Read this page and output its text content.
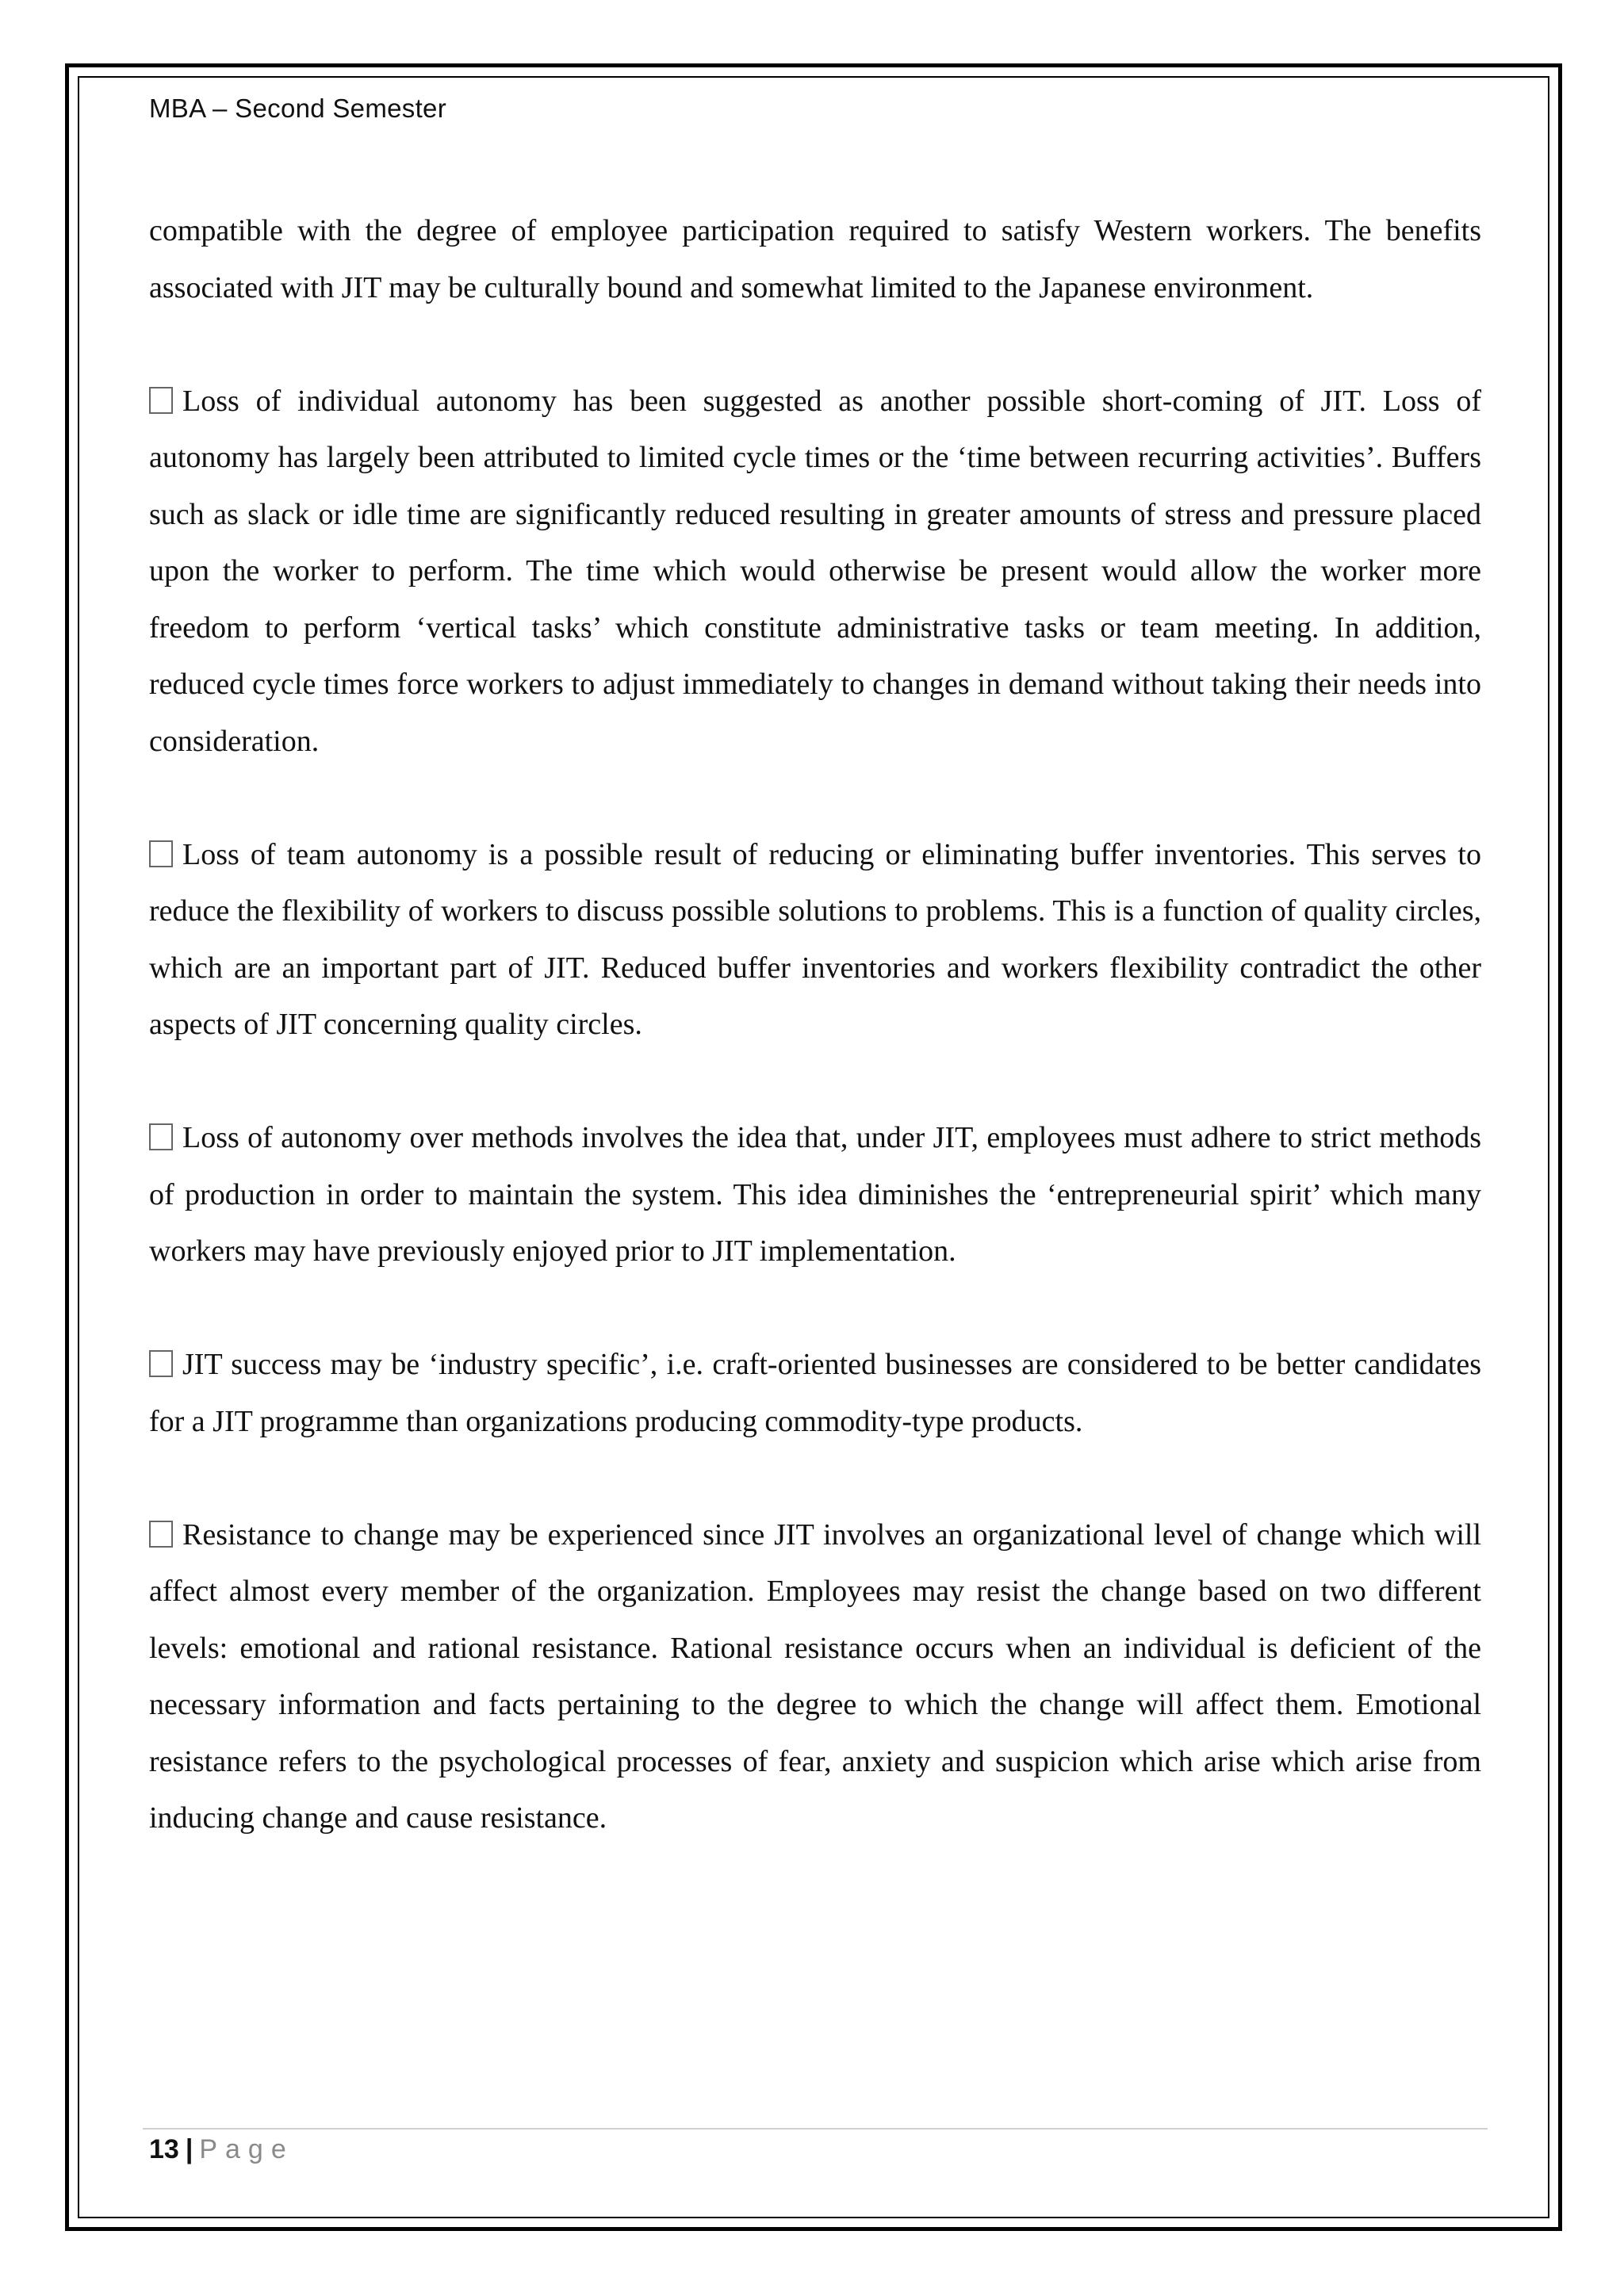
MBA – Second Semester

compatible with the degree of employee participation required to satisfy Western workers. The benefits associated with JIT may be culturally bound and somewhat limited to the Japanese environment.

Loss of individual autonomy has been suggested as another possible short-coming of JIT. Loss of autonomy has largely been attributed to limited cycle times or the ‘time between recurring activities’. Buffers such as slack or idle time are significantly reduced resulting in greater amounts of stress and pressure placed upon the worker to perform. The time which would otherwise be present would allow the worker more freedom to perform ‘vertical tasks’ which constitute administrative tasks or team meeting. In addition, reduced cycle times force workers to adjust immediately to changes in demand without taking their needs into consideration.

Loss of team autonomy is a possible result of reducing or eliminating buffer inventories. This serves to reduce the flexibility of workers to discuss possible solutions to problems. This is a function of quality circles, which are an important part of JIT. Reduced buffer inventories and workers flexibility contradict the other aspects of JIT concerning quality circles.

Loss of autonomy over methods involves the idea that, under JIT, employees must adhere to strict methods of production in order to maintain the system. This idea diminishes the ‘entrepreneurial spirit’ which many workers may have previously enjoyed prior to JIT implementation.

JIT success may be ‘industry specific’, i.e. craft-oriented businesses are considered to be better candidates for a JIT programme than organizations producing commodity-type products.

Resistance to change may be experienced since JIT involves an organizational level of change which will affect almost every member of the organization. Employees may resist the change based on two different levels: emotional and rational resistance. Rational resistance occurs when an individual is deficient of the necessary information and facts pertaining to the degree to which the change will affect them. Emotional resistance refers to the psychological processes of fear, anxiety and suspicion which arise which arise from inducing change and cause resistance.

13 | Page
